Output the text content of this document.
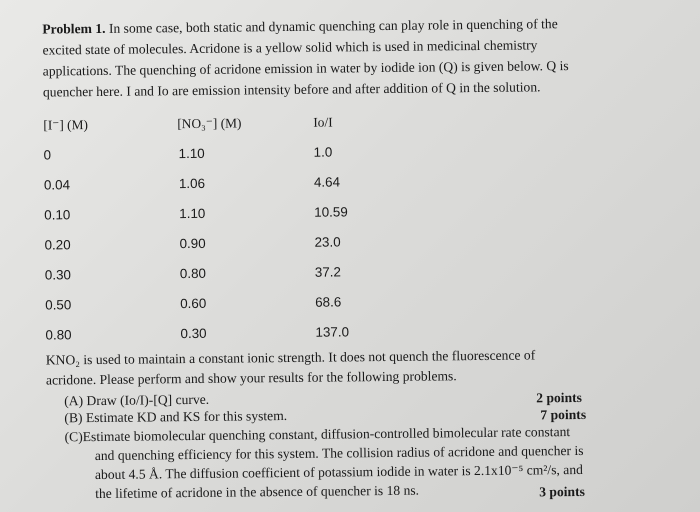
Problem 1. In some case, both static and dynamic quenching can play role in quenching of the
excited state of molecules. Acridone is a yellow solid which is used in medicinal chemistry
applications. The quenching of acridone emission in water by iodide ion (Q) is given below. Q is
quencher here. I and Io are emission intensity before and after addition of Q in the solution.
[I⁻] (M)	[NO₃⁻] (M)	Io/I
0	1.10	1.0
0.04	1.06	4.64
0.10	1.10	10.59
0.20	0.90	23.0
0.30	0.80	37.2
0.50	0.60	68.6
0.80	0.30	137.0
KNO₂ is used to maintain a constant ionic strength. It does not quench the fluorescence of
acridone. Please perform and show your results for the following problems.
(A) Draw (Io/I)-[Q] curve.	2 points
(B) Estimate KD and KS for this system.	7 points
(C)Estimate biomolecular quenching constant, diffusion-controlled bimolecular rate constant
and quenching efficiency for this system. The collision radius of acridone and quencher is
about 4.5 Å. The diffusion coefficient of potassium iodide in water is 2.1x10⁻⁵ cm²/s, and
the lifetime of acridone in the absence of quencher is 18 ns.	3 points
